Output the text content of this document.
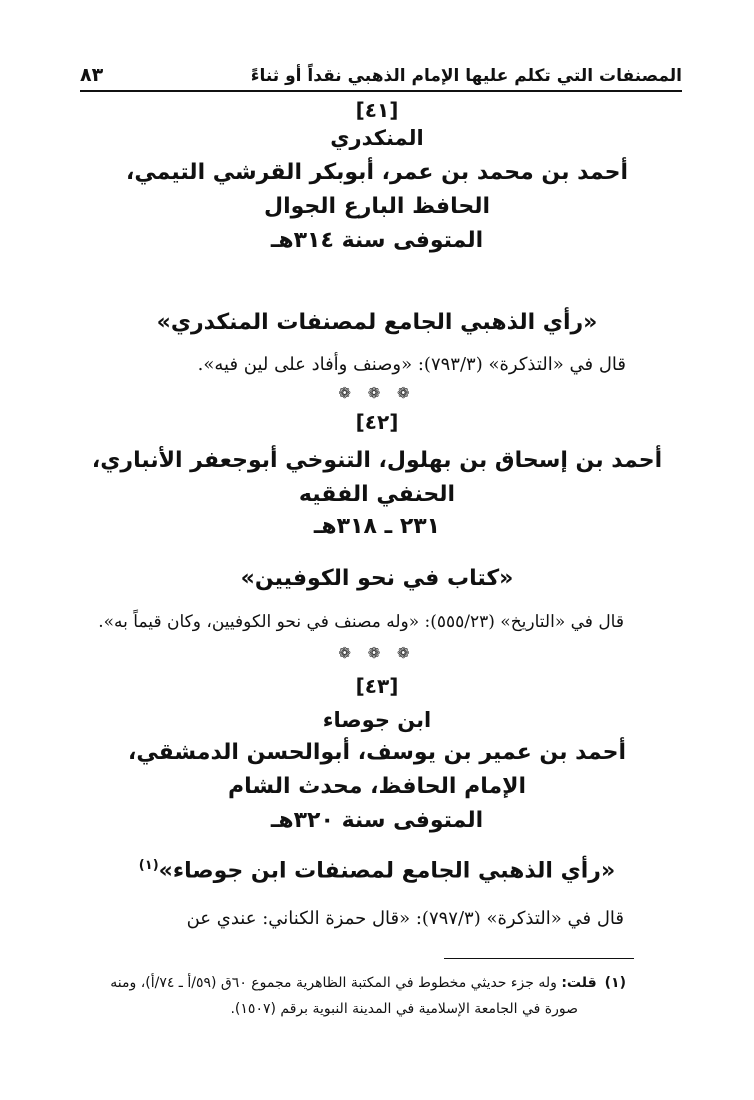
المصنفات التي تكلم عليها الإمام الذهبي نقداً أو ثناءً
٨٣
[٤١]
المنكدري
أحمد بن محمد بن عمر، أبوبكر القرشي التيمي،
الحافظ البارع الجوال
المتوفى سنة ٣١٤هـ
«رأي الذهبي الجامع لمصنفات المنكدري»
قال في «التذكرة» (٧٩٣/٣): «وصنف وأفاد على لين فيه».
❁ ❁ ❁
[٤٢]
أحمد بن إسحاق بن بهلول، التنوخي أبوجعفر الأنباري،
الحنفي الفقيه
٢٣١ ـ ٣١٨هـ
«كتاب في نحو الكوفيين»
قال في «التاريخ» (٥٥٥/٢٣): «وله مصنف في نحو الكوفيين، وكان قيماً به».
❁ ❁ ❁
[٤٣]
ابن جوصاء
أحمد بن عمير بن يوسف، أبوالحسن الدمشقي،
الإمام الحافظ، محدث الشام
المتوفى سنة ٣٢٠هـ
«رأي الذهبي الجامع لمصنفات ابن جوصاء»$^{(١)}$
قال في «التذكرة» (٧٩٧/٣): «قال حمزة الكناني: عندي عن
(١)قلت: وله جزء حديثي مخطوط في المكتبة الظاهرية مجموع ٦٠ق (٥٩/أ ـ ٧٤/أ)، ومنه
صورة في الجامعة الإسلامية في المدينة النبوية برقم (١٥٠٧).
